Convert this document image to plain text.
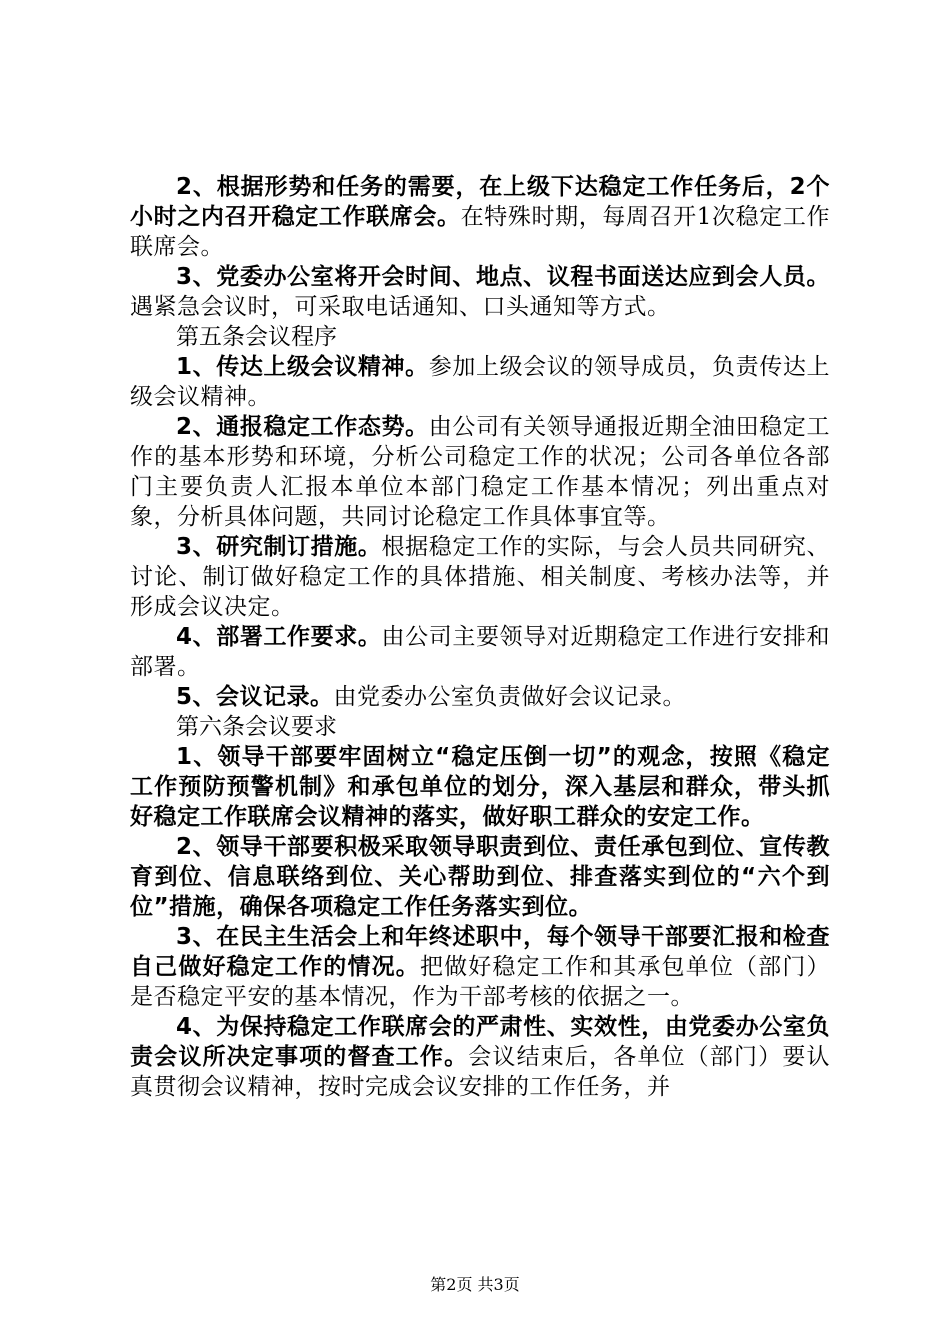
2、根据形势和任务的需要，在上级下达稳定工作任务后，2个小时之内召开稳定工作联席会。在特殊时期，每周召开1次稳定工作联席会。

3、党委办公室将开会时间、地点、议程书面送达应到会人员。遇紧急会议时，可采取电话通知、口头通知等方式。

第五条会议程序

1、传达上级会议精神。参加上级会议的领导成员，负责传达上级会议精神。

2、通报稳定工作态势。由公司有关领导通报近期全油田稳定工作的基本形势和环境，分析公司稳定工作的状况；公司各单位各部门主要负责人汇报本单位本部门稳定工作基本情况；列出重点对象，分析具体问题，共同讨论稳定工作具体事宜等。

3、研究制订措施。根据稳定工作的实际，与会人员共同研究、讨论、制订做好稳定工作的具体措施、相关制度、考核办法等，并形成会议决定。

4、部署工作要求。由公司主要领导对近期稳定工作进行安排和部署。

5、会议记录。由党委办公室负责做好会议记录。

第六条会议要求

1、领导干部要牢固树立“稳定压倒一切”的观念，按照《稳定工作预防预警机制》和承包单位的划分，深入基层和群众，带头抓好稳定工作联席会议精神的落实，做好职工群众的安定工作。

2、领导干部要积极采取领导职责到位、责任承包到位、宣传教育到位、信息联络到位、关心帮助到位、排查落实到位的“六个到位”措施，确保各项稳定工作任务落实到位。

3、在民主生活会上和年终述职中，每个领导干部要汇报和检查自己做好稳定工作的情况。把做好稳定工作和其承包单位（部门）是否稳定平安的基本情况，作为干部考核的依据之一。

4、为保持稳定工作联席会的严肃性、实效性，由党委办公室负责会议所决定事项的督查工作。会议结束后，各单位（部门）要认真贯彻会议精神，按时完成会议安排的工作任务，并

第2页 共3页
